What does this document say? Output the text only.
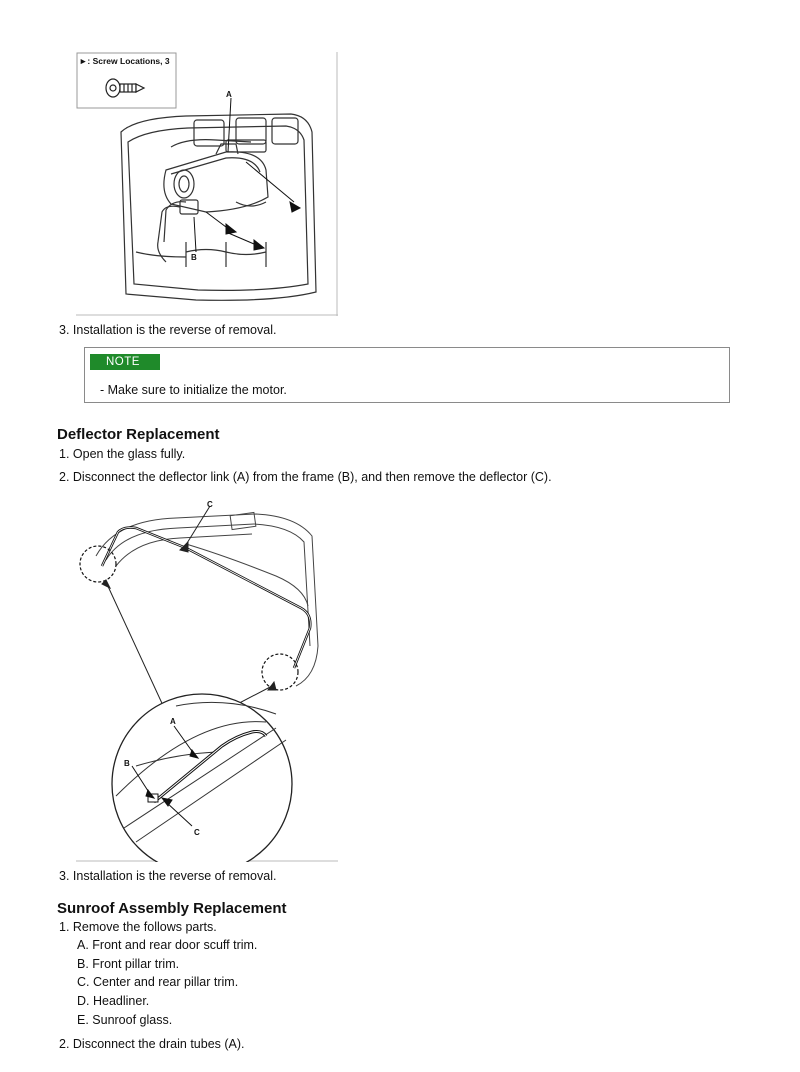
A
B
►: Screw Locations, 3
3. Installation is the reverse of removal.
NOTE
- Make sure to initialize the motor.
Deflector Replacement
1. Open the glass fully.
2. Disconnect the deflector link (A) from the frame (B), and then remove the deflector (C).
C
A
B
C
3. Installation is the reverse of removal.
Sunroof Assembly Replacement
1. Remove the follows parts.
A. Front and rear door scuff trim.
B. Front pillar trim.
C. Center and rear pillar trim.
D. Headliner.
E. Sunroof glass.
2. Disconnect the drain tubes (A).
